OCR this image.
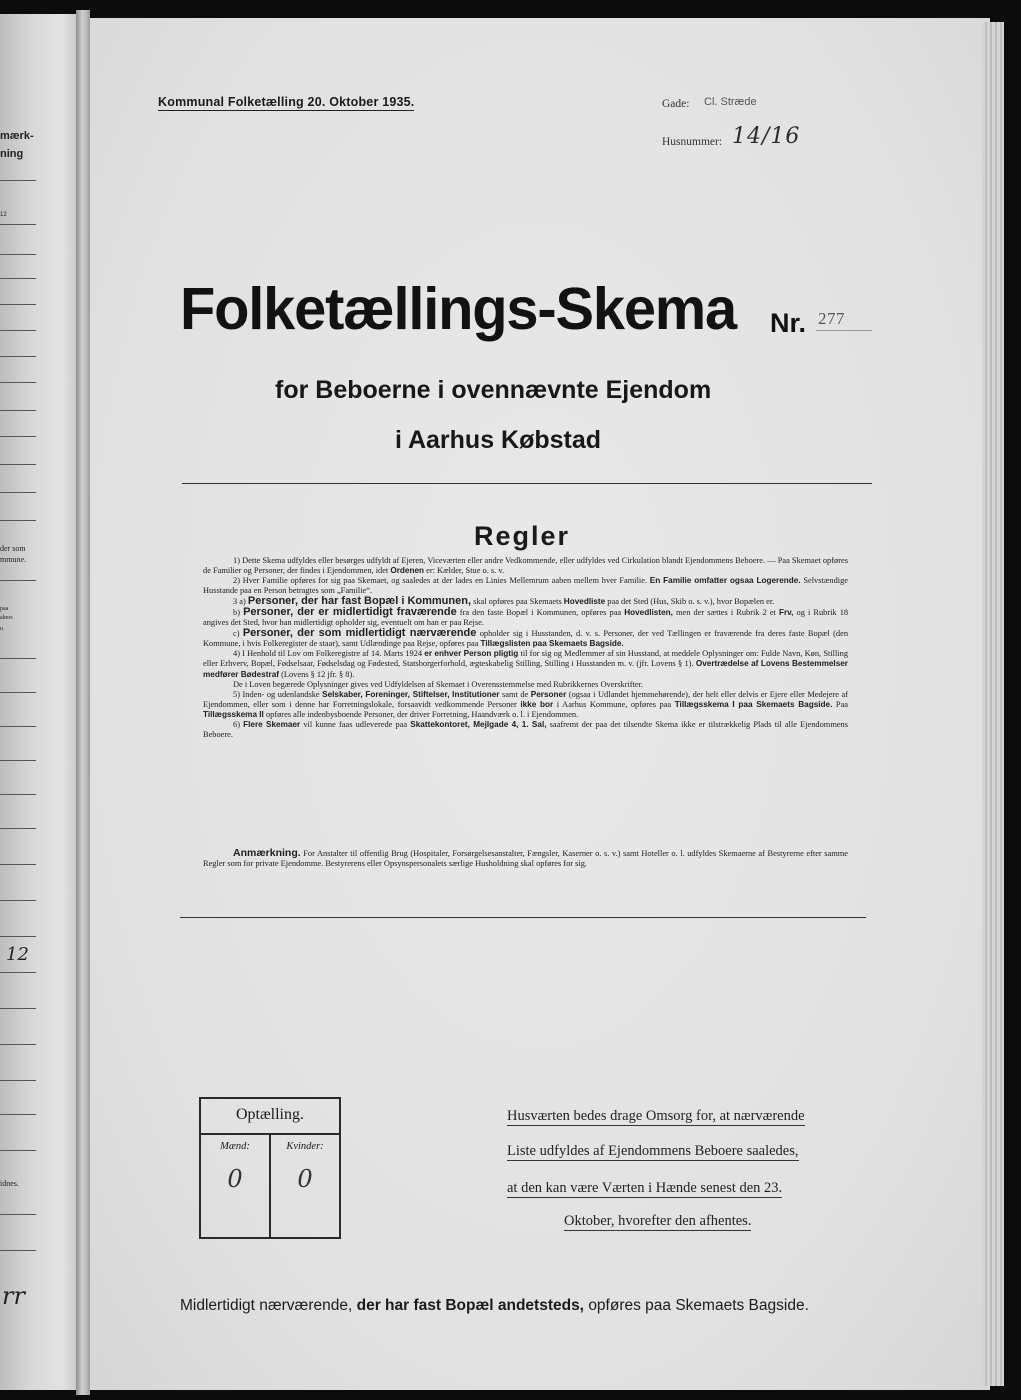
mærk-
ning
12
der som
mmune.
paa
abers
u
12
idnes.
rr
Kommunal Folketælling 20. Oktober 1935.	Gade: Cl. Stræde
Husnummer: 14/16
Folketællings-Skema Nr. 277
for Beboerne i ovennævnte Ejendom
i Aarhus Købstad
Regler

1) Dette Skema udfyldes eller besørges udfyldt af Ejeren, Viceværten eller andre Vedkommende, eller udfyldes ved Cirkulation blandt Ejendommens Beboere. — Paa Skemaet opføres de Familier og Personer, der findes i Ejendommen, idet Ordenen er: Kælder, Stue o. s. v.

2) Hver Familie opføres for sig paa Skemaet, og saaledes at der lades en Linies Mellemrum aaben mellem hver Familie. En Familie omfatter ogsaa Logerende. Selvstændige Husstande paa en Person betragtes som „Familie“.

3 a) Personer, der har fast Bopæl i Kommunen, skal opføres paa Skemaets Hovedliste paa det Sted (Hus, Skib o. s. v.), hvor Bopælen er.

b) Personer, der er midlertidigt fraværende fra den faste Bopæl i Kommunen, opføres paa Hovedlisten, men der sættes i Rubrik 2 et Frv, og i Rubrik 18 angives det Sted, hvor han midlertidigt opholder sig, eventuelt om han er paa Rejse.

c) Personer, der som midlertidigt nærværende opholder sig i Husstanden, d. v. s. Personer, der ved Tællingen er fraværende fra deres faste Bopæl (den Kommune, i hvis Folkeregister de staar), samt Udlændinge paa Rejse, opføres paa Tillægslisten paa Skemaets Bagside.

4) I Henhold til Lov om Folkeregistre af 14. Marts 1924 er enhver Person pligtig til for sig og Medlemmer af sin Husstand, at meddele Oplysninger om: Fulde Navn, Køn, Stilling eller Erhverv, Bopæl, Fødselsaar, Fødselsdag og Fødested, Statsborgerforhold, ægteskabelig Stilling, Stilling i Husstanden m. v. (jfr. Lovens § 1). Overtrædelse af Lovens Bestemmelser medfører Bødestraf (Lovens § 12 jfr. § 8).

De i Loven begærede Oplysninger gives ved Udfyldelsen af Skemaet i Overensstemmelse med Rubrikkernes Overskrifter.

5) Inden- og udenlandske Selskaber, Foreninger, Stiftelser, Institutioner samt de Personer (ogsaa i Udlandet hjemmehørende), der helt eller delvis er Ejere eller Medejere af Ejendommen, eller som i denne har Forretningslokale, forsaavidt vedkommende Personer ikke bor i Aarhus Kommune, opføres paa Tillægsskema I paa Skemaets Bagside. Paa Tillægsskema II opføres alle indenbysboende Personer, der driver Forretning, Haandværk o. l. i Ejendommen.

6) Flere Skemaer vil kunne faas udleverede paa Skattekontoret, Mejlgade 4, 1. Sal, saafremt der paa det tilsendte Skema ikke er tilstrækkelig Plads til alle Ejendommens Beboere.

Anmærkning. For Anstalter til offentlig Brug (Hospitaler, Forsørgelsesanstalter, Fængsler, Kaserner o. s. v.) samt Hoteller o. l. udfyldes Skemaerne af Bestyrerne efter samme Regler som for private Ejendomme. Bestyrerens eller Opsynspersonalets særlige Husholdning skal opføres for sig.
Optælling.
Mænd:	Kvinder:
0	0
Husværten bedes drage Omsorg for, at nærværende
Liste udfyldes af Ejendommens Beboere saaledes,
at den kan være Værten i Hænde senest den 23.
Oktober, hvorefter den afhentes.
Midlertidigt nærværende, der har fast Bopæl andetsteds, opføres paa Skemaets Bagside.
